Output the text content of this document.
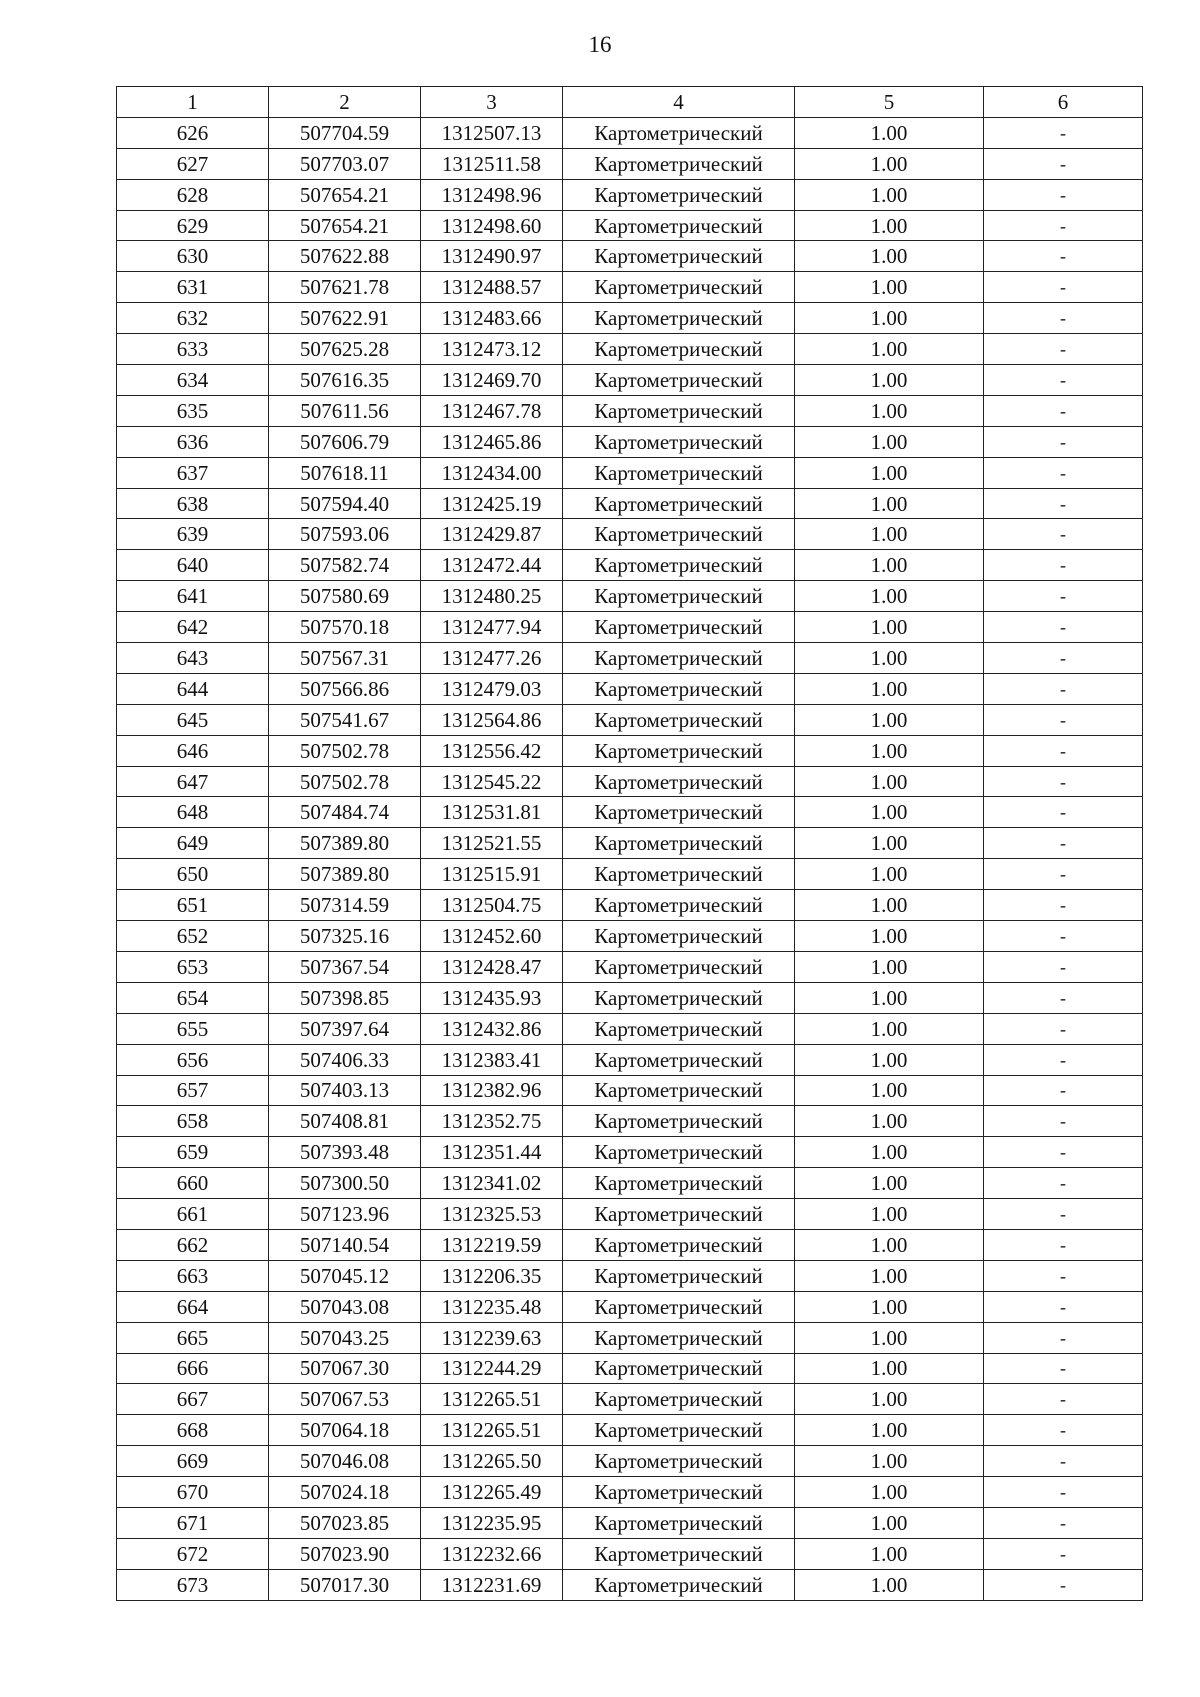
16
1	2	3	4	5	6
626	507704.59	1312507.13	Картометрический	1.00	-
627	507703.07	1312511.58	Картометрический	1.00	-
628	507654.21	1312498.96	Картометрический	1.00	-
629	507654.21	1312498.60	Картометрический	1.00	-
630	507622.88	1312490.97	Картометрический	1.00	-
631	507621.78	1312488.57	Картометрический	1.00	-
632	507622.91	1312483.66	Картометрический	1.00	-
633	507625.28	1312473.12	Картометрический	1.00	-
634	507616.35	1312469.70	Картометрический	1.00	-
635	507611.56	1312467.78	Картометрический	1.00	-
636	507606.79	1312465.86	Картометрический	1.00	-
637	507618.11	1312434.00	Картометрический	1.00	-
638	507594.40	1312425.19	Картометрический	1.00	-
639	507593.06	1312429.87	Картометрический	1.00	-
640	507582.74	1312472.44	Картометрический	1.00	-
641	507580.69	1312480.25	Картометрический	1.00	-
642	507570.18	1312477.94	Картометрический	1.00	-
643	507567.31	1312477.26	Картометрический	1.00	-
644	507566.86	1312479.03	Картометрический	1.00	-
645	507541.67	1312564.86	Картометрический	1.00	-
646	507502.78	1312556.42	Картометрический	1.00	-
647	507502.78	1312545.22	Картометрический	1.00	-
648	507484.74	1312531.81	Картометрический	1.00	-
649	507389.80	1312521.55	Картометрический	1.00	-
650	507389.80	1312515.91	Картометрический	1.00	-
651	507314.59	1312504.75	Картометрический	1.00	-
652	507325.16	1312452.60	Картометрический	1.00	-
653	507367.54	1312428.47	Картометрический	1.00	-
654	507398.85	1312435.93	Картометрический	1.00	-
655	507397.64	1312432.86	Картометрический	1.00	-
656	507406.33	1312383.41	Картометрический	1.00	-
657	507403.13	1312382.96	Картометрический	1.00	-
658	507408.81	1312352.75	Картометрический	1.00	-
659	507393.48	1312351.44	Картометрический	1.00	-
660	507300.50	1312341.02	Картометрический	1.00	-
661	507123.96	1312325.53	Картометрический	1.00	-
662	507140.54	1312219.59	Картометрический	1.00	-
663	507045.12	1312206.35	Картометрический	1.00	-
664	507043.08	1312235.48	Картометрический	1.00	-
665	507043.25	1312239.63	Картометрический	1.00	-
666	507067.30	1312244.29	Картометрический	1.00	-
667	507067.53	1312265.51	Картометрический	1.00	-
668	507064.18	1312265.51	Картометрический	1.00	-
669	507046.08	1312265.50	Картометрический	1.00	-
670	507024.18	1312265.49	Картометрический	1.00	-
671	507023.85	1312235.95	Картометрический	1.00	-
672	507023.90	1312232.66	Картометрический	1.00	-
673	507017.30	1312231.69	Картометрический	1.00	-
